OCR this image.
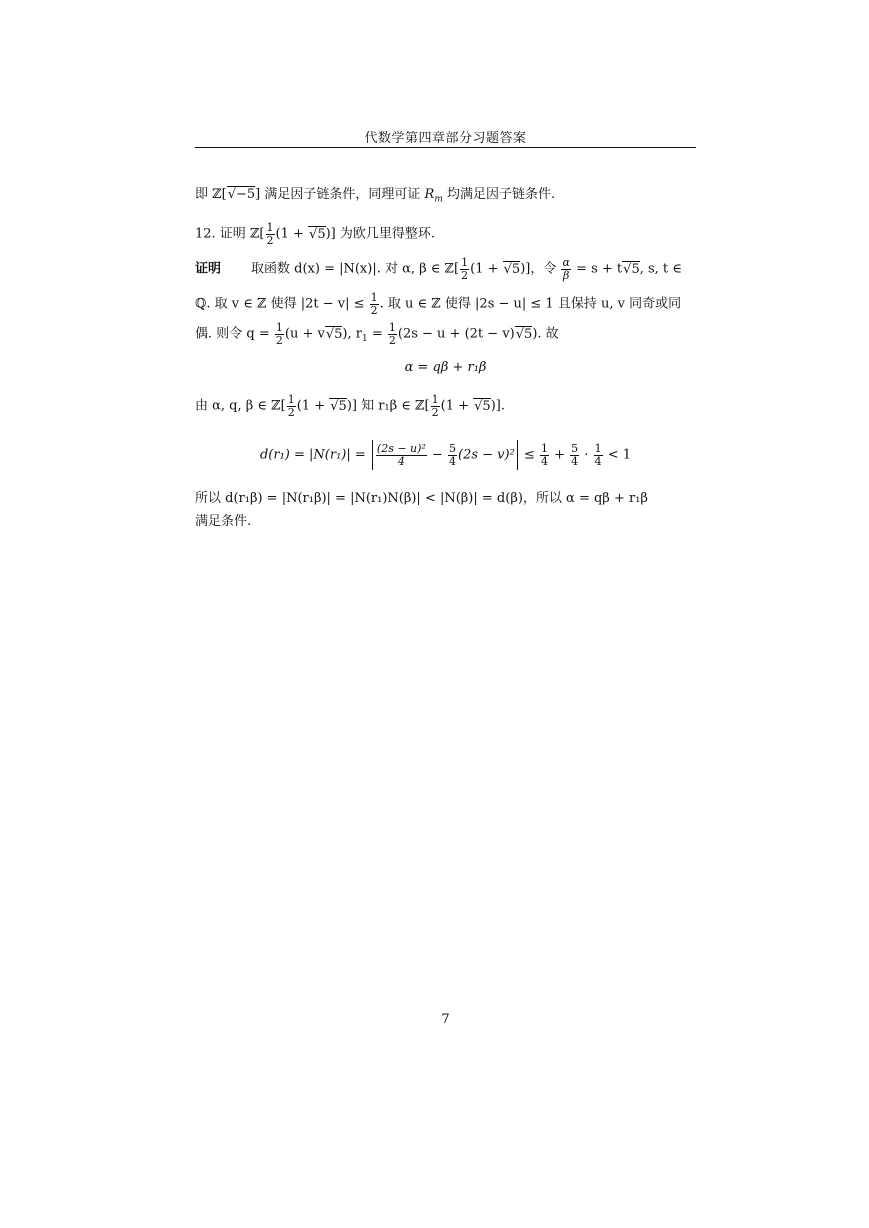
代数学第四章部分习题答案
即 ℤ[√−5] 满足因子链条件，同理可证 $R_m$ 均满足因子链条件.
12. 证明 ℤ[ $\frac{1}{2} (1 + √5)$] 为欧几里得整环.
证明 取函数 d(x) = |N(x)|. 对 α, β ∈ ℤ[ $\frac{1}{2} (1 + √5)$]，令 $\frac{\alpha}{\beta} = s + t√5$, s, t ∈
ℚ. 取 v ∈ ℤ 使得 $|2t - v| \le \frac{1}{2}$ . 取 u ∈ ℤ 使得 |2s − u| ≤ 1 且保持 u, v 同奇或同
偶. 则令 $q = \frac{1}{2} (u + v√5)$, $r_1 = \frac{1}{2} (2s - u + (2t - v)√5)$. 故
α = qβ + r₁β
由 α, q, β ∈ ℤ[ $\frac{1}{2} (1 + √5)$] 知 r₁β ∈ ℤ[ $\frac{1}{2} (1 + √5)$].
$d(r_1) = |N(r_1)| = \frac{\text{(2s − u)²}}{4} - \frac{5}{4} (2s - v)^2 \le \frac{1}{4} + \frac{5}{4} \cdot \frac{1}{4} < 1$
所以 d(r₁β) = |N(r₁β)| = |N(r₁)N(β)| < |N(β)| = d(β)，所以 α = qβ + r₁β
满足条件.
7
